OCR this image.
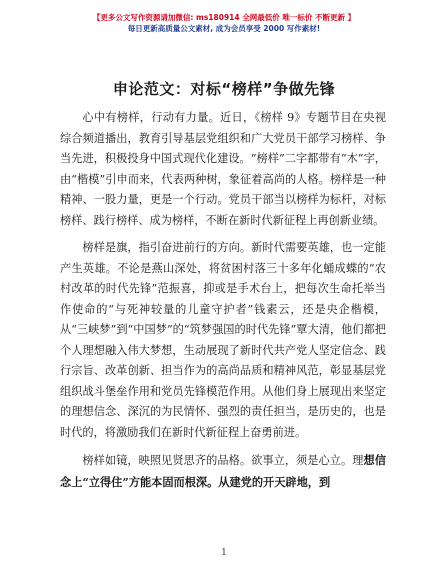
【更多公文写作资源请加微信: ms180914 全网最低价 唯一标价 不断更新 】
每日更新高质量公文素材, 成为会员享受 2000 写作素材!
申论范文：对标“榜样”争做先锋

心中有榜样，行动有力量。近日，《榜样 9》专题节目在央视综合频道播出，教育引导基层党组织和广大党员干部学习榜样、争当先进，积极投身中国式现代化建设。“榜样”二字都带有“木”字，由“楷模”引申而来，代表两种树，象征着高尚的人格。榜样是一种精神、一股力量，更是一个行动。党员干部当以榜样为标杆，对标榜样、践行榜样、成为榜样，不断在新时代新征程上再创新业绩。

榜样是旗，指引奋进前行的方向。新时代需要英雄，也一定能产生英雄。不论是燕山深处，将贫困村落三十多年化蛹成蝶的“农村改革的时代先锋”范振喜，抑或是手术台上，把每次生命托举当作使命的“与死神较量的儿童守护者”钱素云，还是央企楷模，从“三峡梦”到“中国梦”的“筑梦强国的时代先锋”覃大清，他们都把个人理想融入伟大梦想，生动展现了新时代共产党人坚定信念、践行宗旨、改革创新、担当作为的高尚品质和精神风范，彰显基层党组织战斗堡垒作用和党员先锋模范作用。从他们身上展现出来坚定的理想信念、深沉的为民情怀、强烈的责任担当，是历史的，也是时代的，将激励我们在新时代新征程上奋勇前进。

榜样如镜，映照见贤思齐的品格。欲事立，须是心立。理想信念上“立得住”方能本固而根深。从建党的开天辟地，到

1
